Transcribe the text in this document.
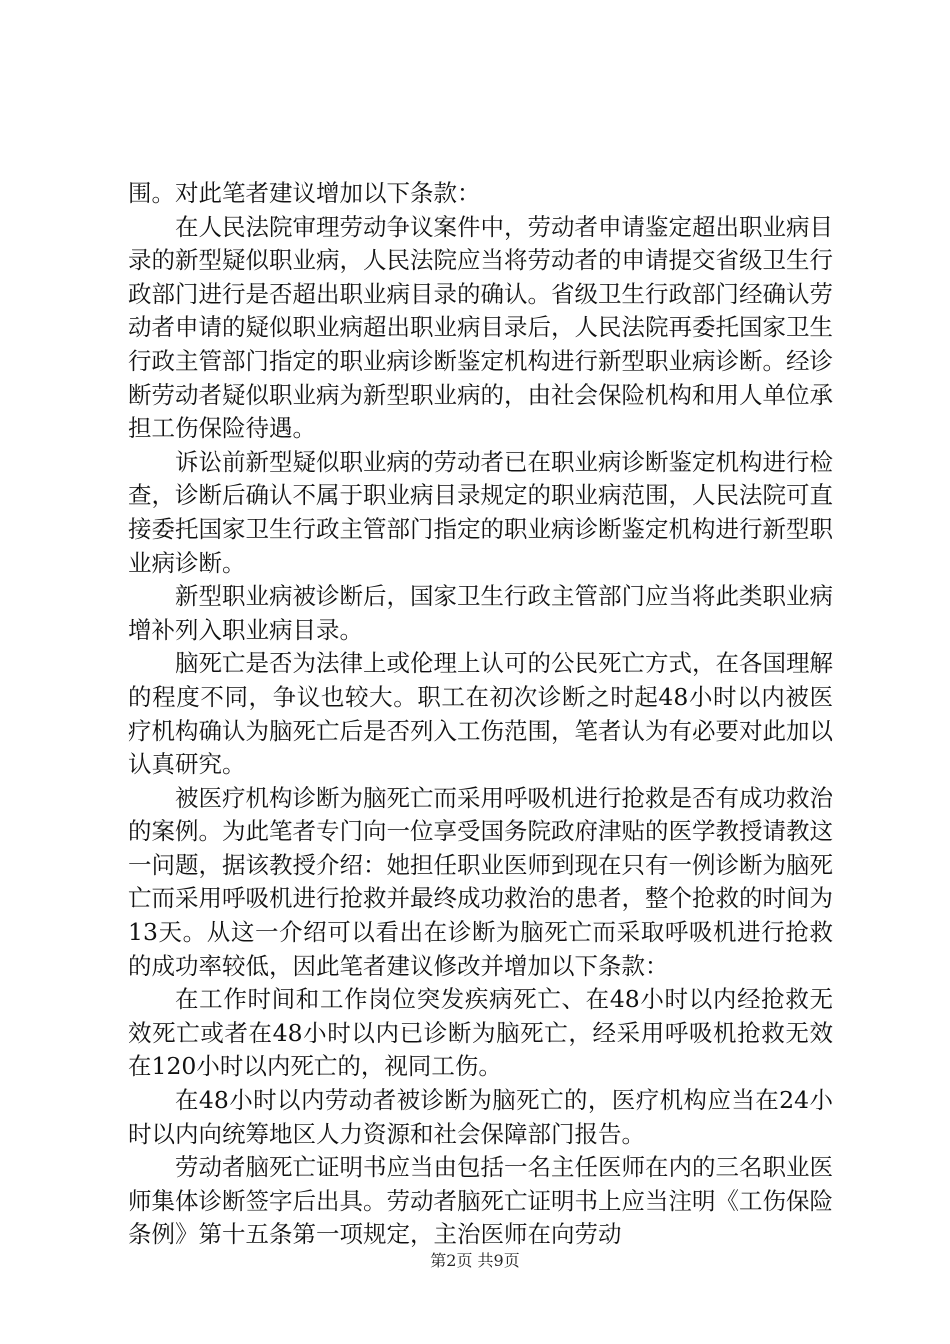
围。对此笔者建议增加以下条款：

在人民法院审理劳动争议案件中，劳动者申请鉴定超出职业病目录的新型疑似职业病，人民法院应当将劳动者的申请提交省级卫生行政部门进行是否超出职业病目录的确认。省级卫生行政部门经确认劳动者申请的疑似职业病超出职业病目录后，人民法院再委托国家卫生行政主管部门指定的职业病诊断鉴定机构进行新型职业病诊断。经诊断劳动者疑似职业病为新型职业病的，由社会保险机构和用人单位承担工伤保险待遇。

诉讼前新型疑似职业病的劳动者已在职业病诊断鉴定机构进行检查，诊断后确认不属于职业病目录规定的职业病范围，人民法院可直接委托国家卫生行政主管部门指定的职业病诊断鉴定机构进行新型职业病诊断。

新型职业病被诊断后，国家卫生行政主管部门应当将此类职业病增补列入职业病目录。

脑死亡是否为法律上或伦理上认可的公民死亡方式，在各国理解的程度不同，争议也较大。职工在初次诊断之时起48小时以内被医疗机构确认为脑死亡后是否列入工伤范围，笔者认为有必要对此加以认真研究。

被医疗机构诊断为脑死亡而采用呼吸机进行抢救是否有成功救治的案例。为此笔者专门向一位享受国务院政府津贴的医学教授请教这一问题，据该教授介绍：她担任职业医师到现在只有一例诊断为脑死亡而采用呼吸机进行抢救并最终成功救治的患者，整个抢救的时间为13天。从这一介绍可以看出在诊断为脑死亡而采取呼吸机进行抢救的成功率较低，因此笔者建议修改并增加以下条款：

在工作时间和工作岗位突发疾病死亡、在48小时以内经抢救无效死亡或者在48小时以内已诊断为脑死亡，经采用呼吸机抢救无效在120小时以内死亡的，视同工伤。

在48小时以内劳动者被诊断为脑死亡的，医疗机构应当在24小时以内向统筹地区人力资源和社会保障部门报告。

劳动者脑死亡证明书应当由包括一名主任医师在内的三名职业医师集体诊断签字后出具。劳动者脑死亡证明书上应当注明《工伤保险条例》第十五条第一项规定，主治医师在向劳动

第2页 共9页
